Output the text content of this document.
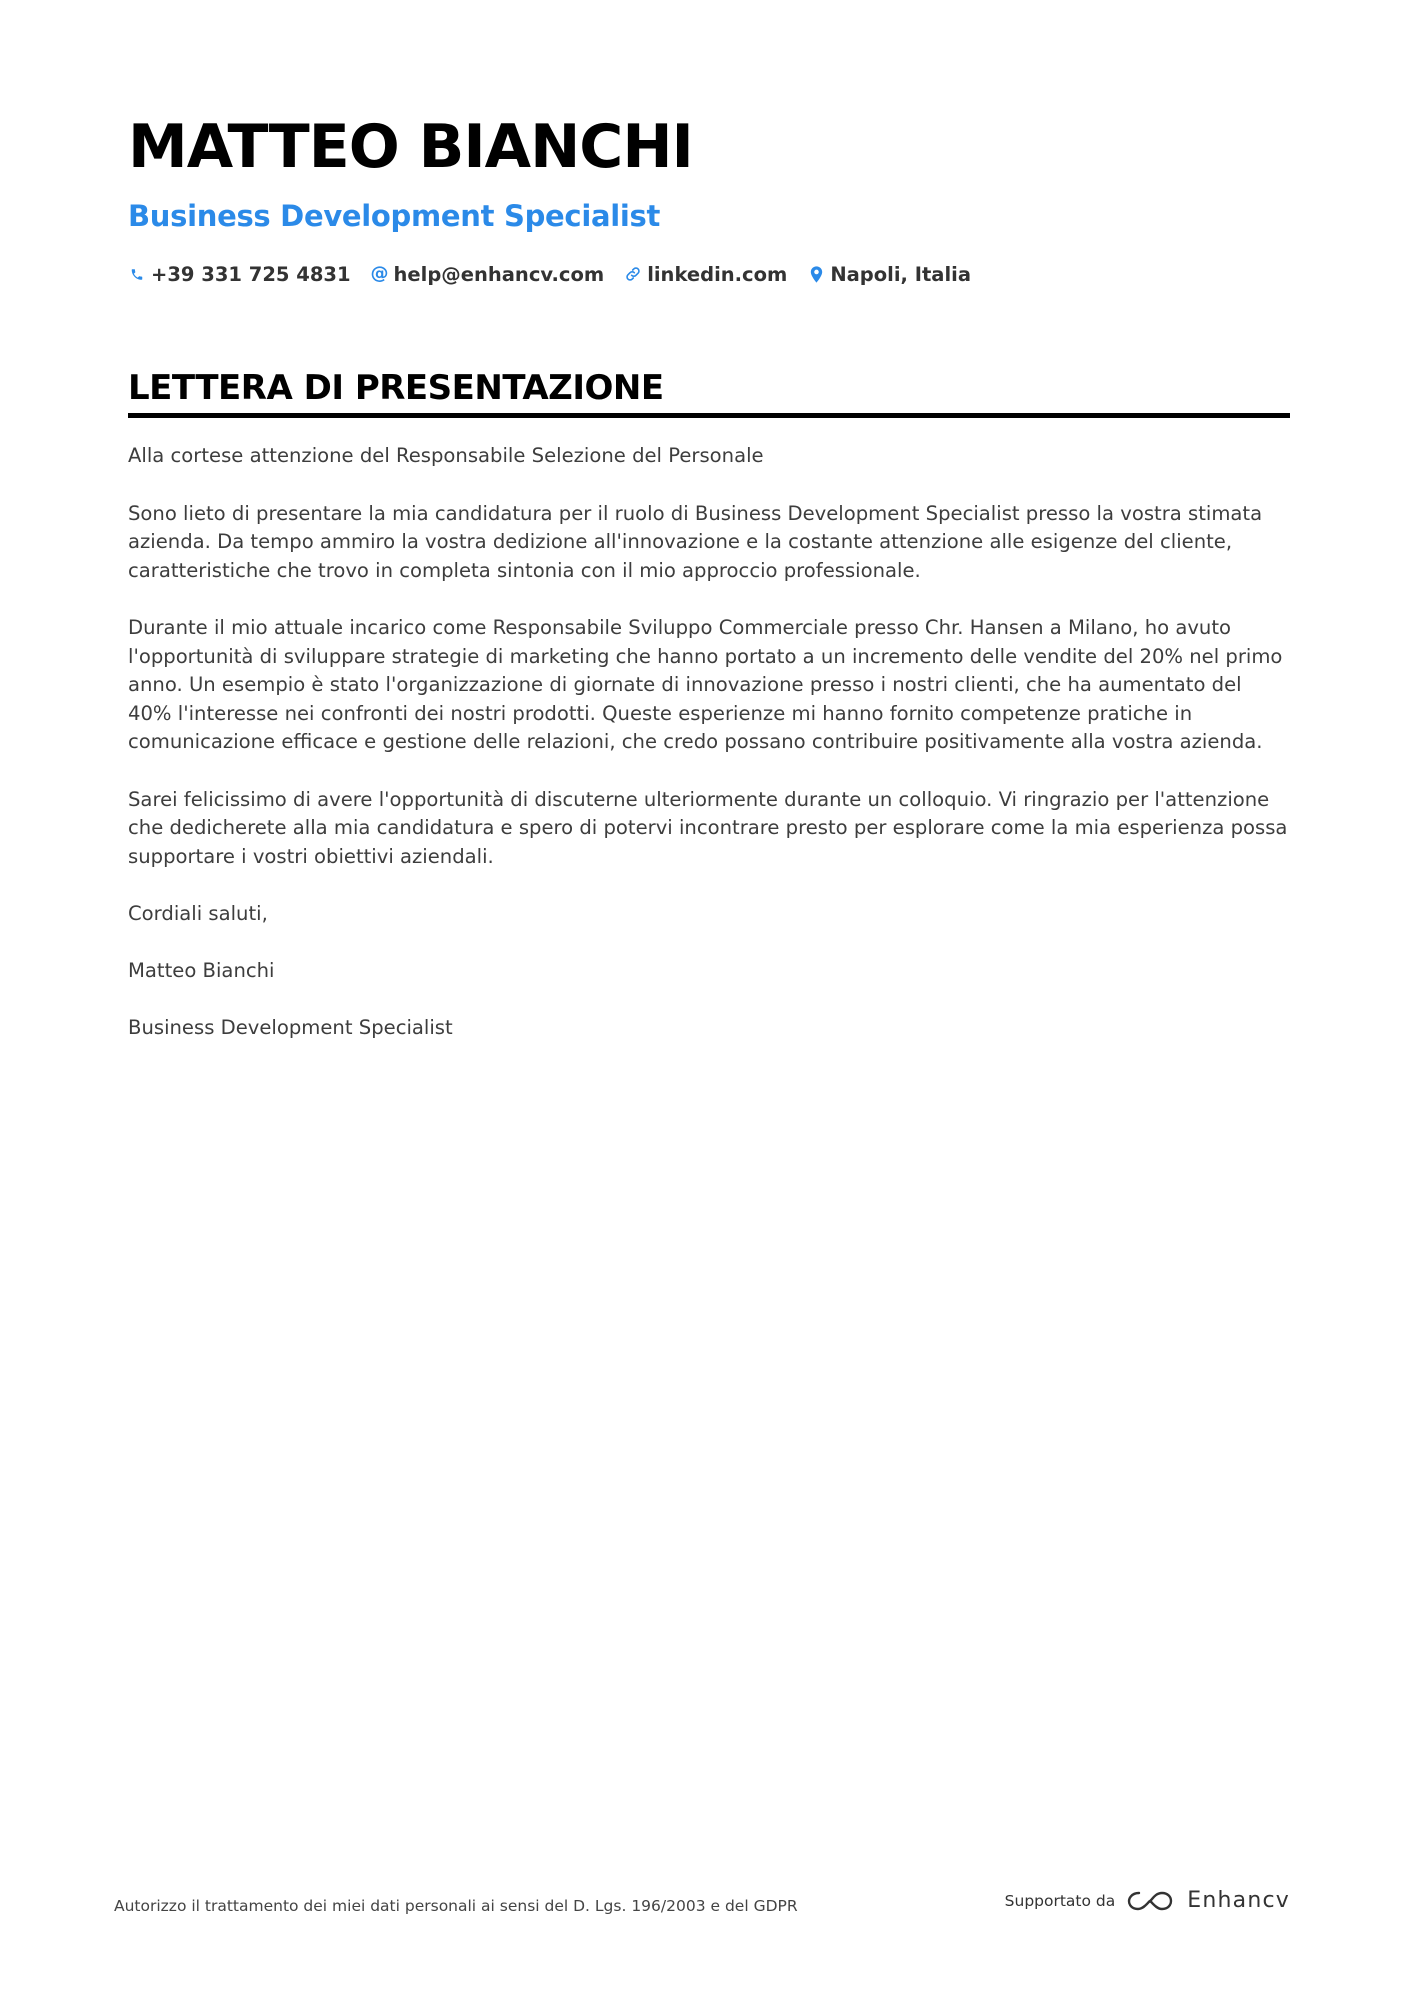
MATTEO BIANCHI
Business Development Specialist
+39 331 725 4831 @ help@enhancv.com linkedin.com Napoli, Italia
LETTERA DI PRESENTAZIONE

Alla cortese attenzione del Responsabile Selezione del Personale

Sono lieto di presentare la mia candidatura per il ruolo di Business Development Specialist presso la vostra stimata azienda. Da tempo ammiro la vostra dedizione all'innovazione e la costante attenzione alle esigenze del cliente, caratteristiche che trovo in completa sintonia con il mio approccio professionale.

Durante il mio attuale incarico come Responsabile Sviluppo Commerciale presso Chr. Hansen a Milano, ho avuto l'opportunità di sviluppare strategie di marketing che hanno portato a un incremento delle vendite del 20% nel primo anno. Un esempio è stato l'organizzazione di giornate di innovazione presso i nostri clienti, che ha aumentato del 40% l'interesse nei confronti dei nostri prodotti. Queste esperienze mi hanno fornito competenze pratiche in comunicazione efficace e gestione delle relazioni, che credo possano contribuire positivamente alla vostra azienda.

Sarei felicissimo di avere l'opportunità di discuterne ulteriormente durante un colloquio. Vi ringrazio per l'attenzione che dedicherete alla mia candidatura e spero di potervi incontrare presto per esplorare come la mia esperienza possa supportare i vostri obiettivi aziendali.

Cordiali saluti,

Matteo Bianchi

Business Development Specialist

Autorizzo il trattamento dei miei dati personali ai sensi del D. Lgs. 196/2003 e del GDPR	Supportato da	Enhancv
